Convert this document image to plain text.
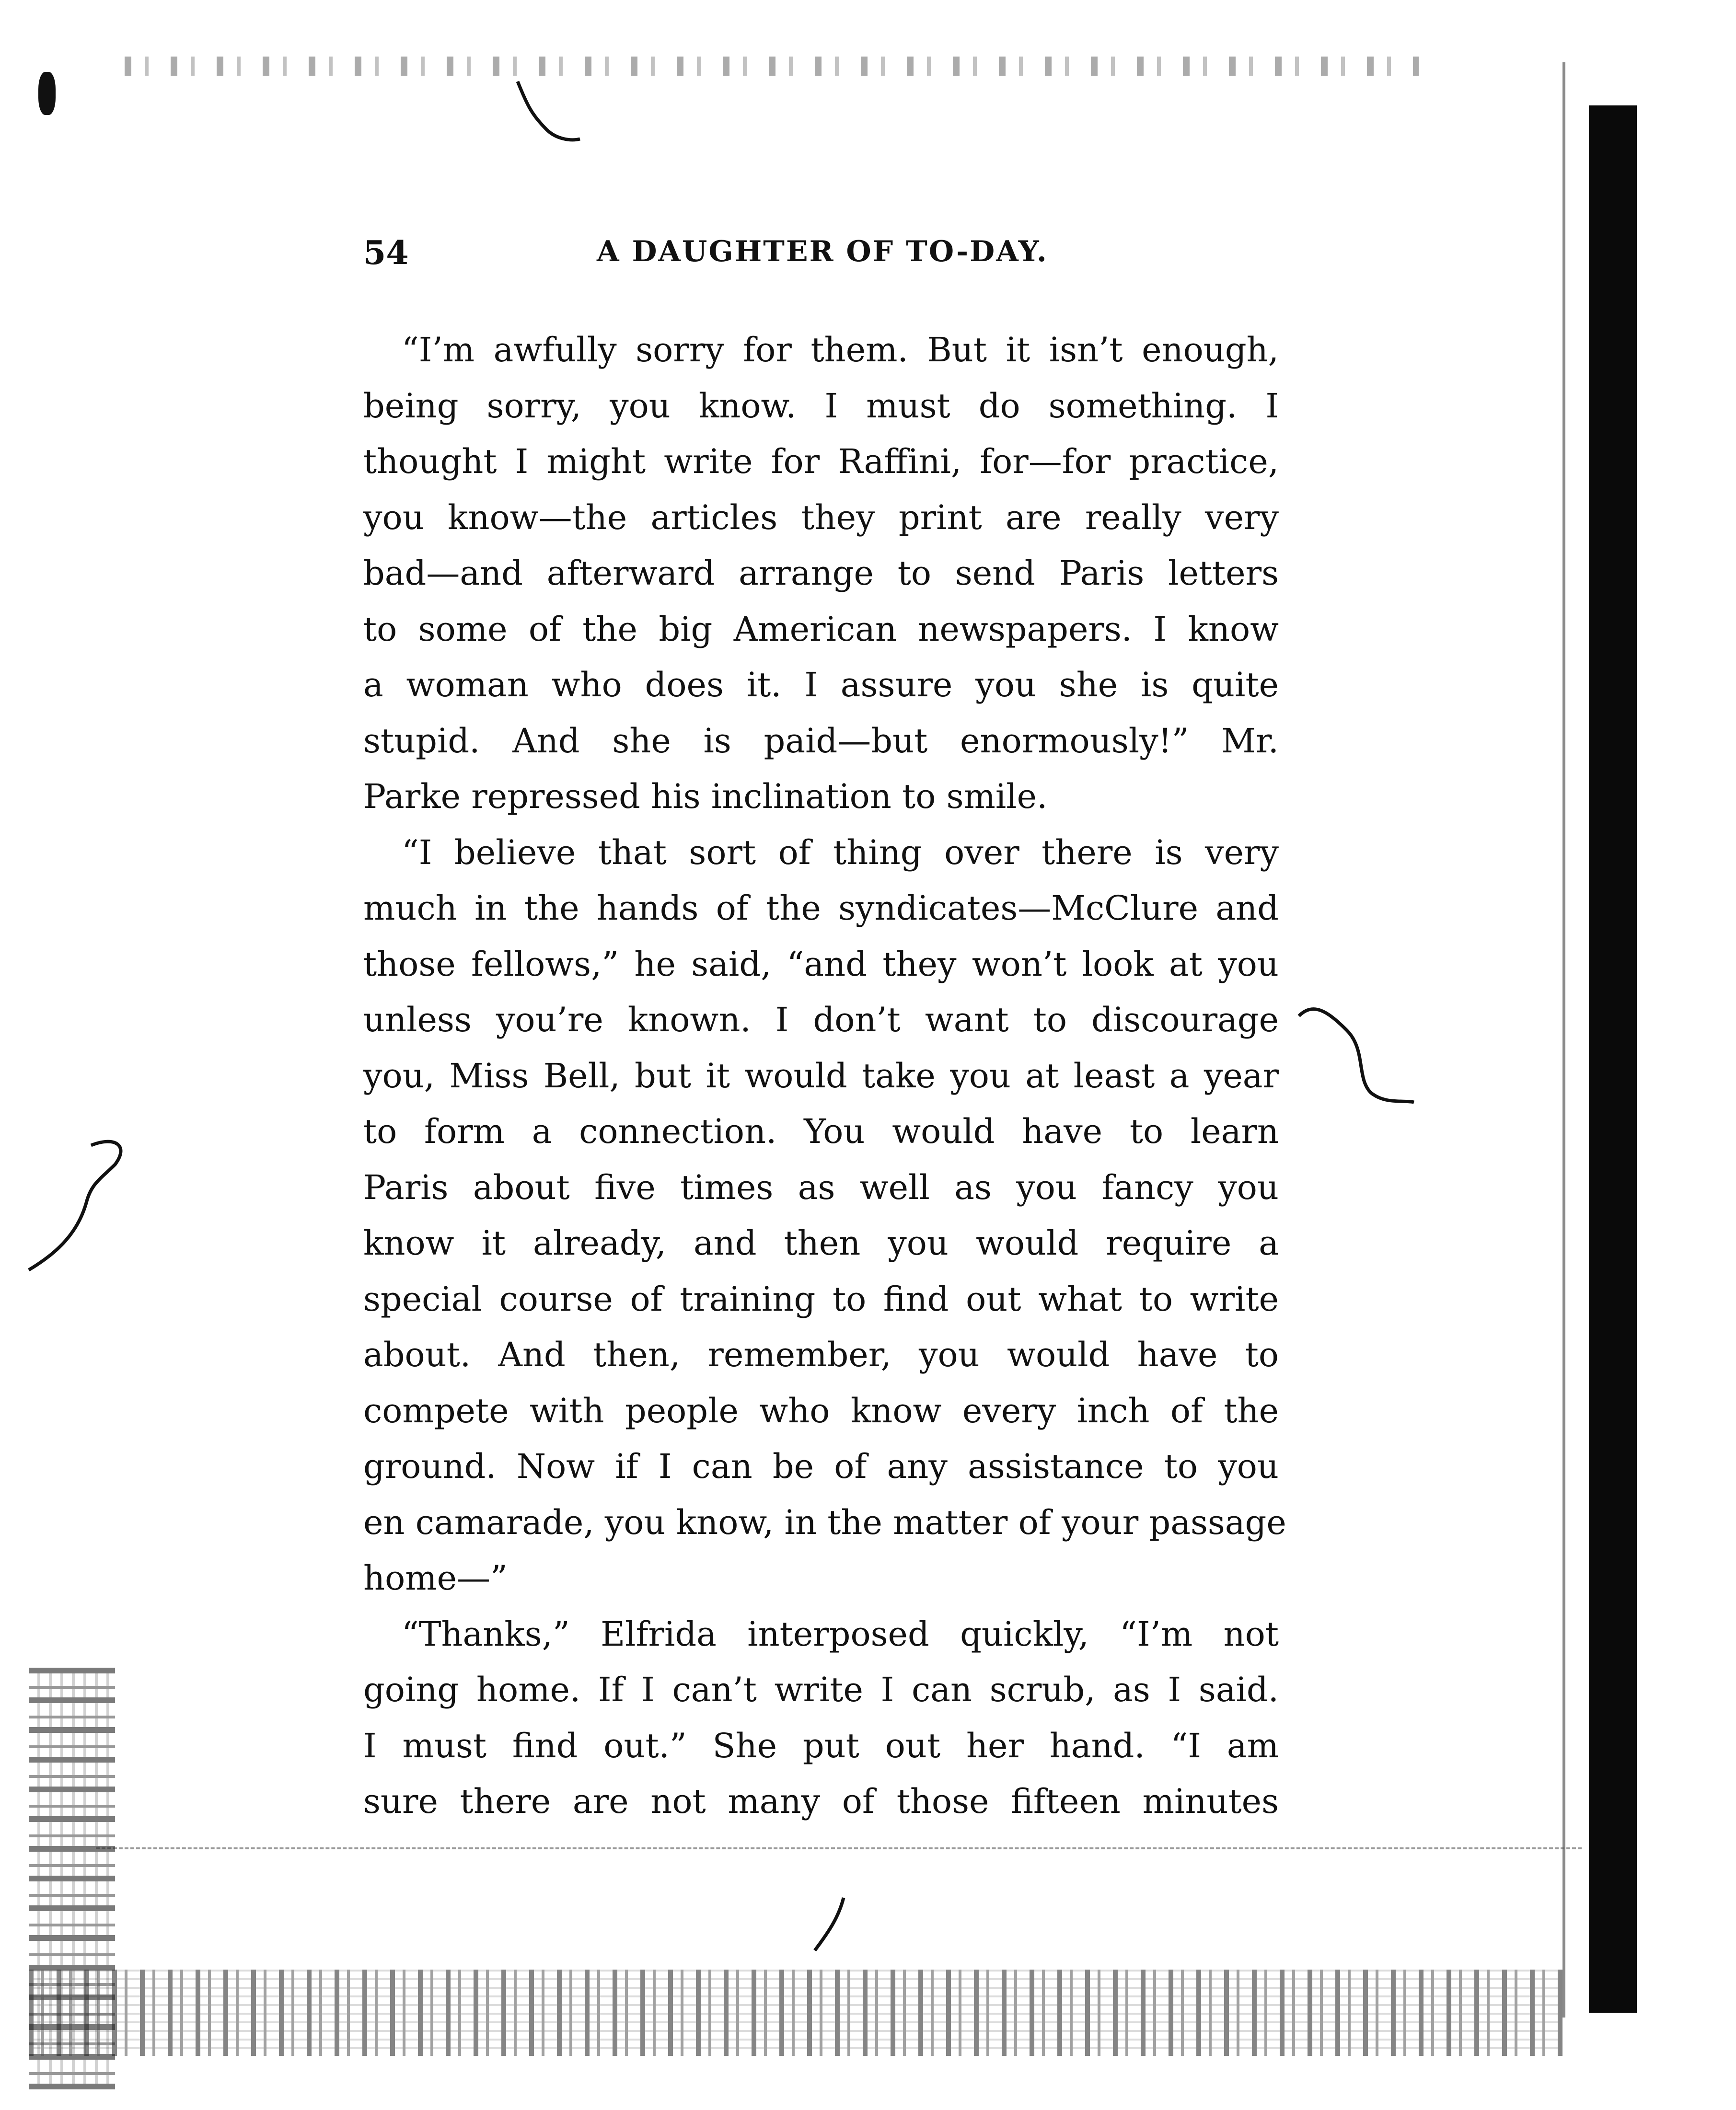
54	A DAUGHTER OF TO-DAY.
“I’m awfully sorry for them. But it isn’t enough,
being sorry, you know. I must do something. I
thought I might write for Raffini, for—for practice,
you know—the articles they print are really very
bad—and afterward arrange to send Paris letters
to some of the big American newspapers. I know
a woman who does it. I assure you she is quite
stupid. And she is paid—but enormously!” Mr.
Parke repressed his inclination to smile.
“I believe that sort of thing over there is very
much in the hands of the syndicates—McClure and
those fellows,” he said, “and they won’t look at you
unless you’re known. I don’t want to discourage
you, Miss Bell, but it would take you at least a year
to form a connection. You would have to learn
Paris about five times as well as you fancy you
know it already, and then you would require a
special course of training to find out what to write
about. And then, remember, you would have to
compete with people who know every inch of the
ground. Now if I can be of any assistance to you
en camarade, you know, in the matter of your passage
home—”
“Thanks,” Elfrida interposed quickly, “I’m not
going home. If I can’t write I can scrub, as I said.
I must find out.” She put out her hand. “I am
sure there are not many of those fifteen minutes
